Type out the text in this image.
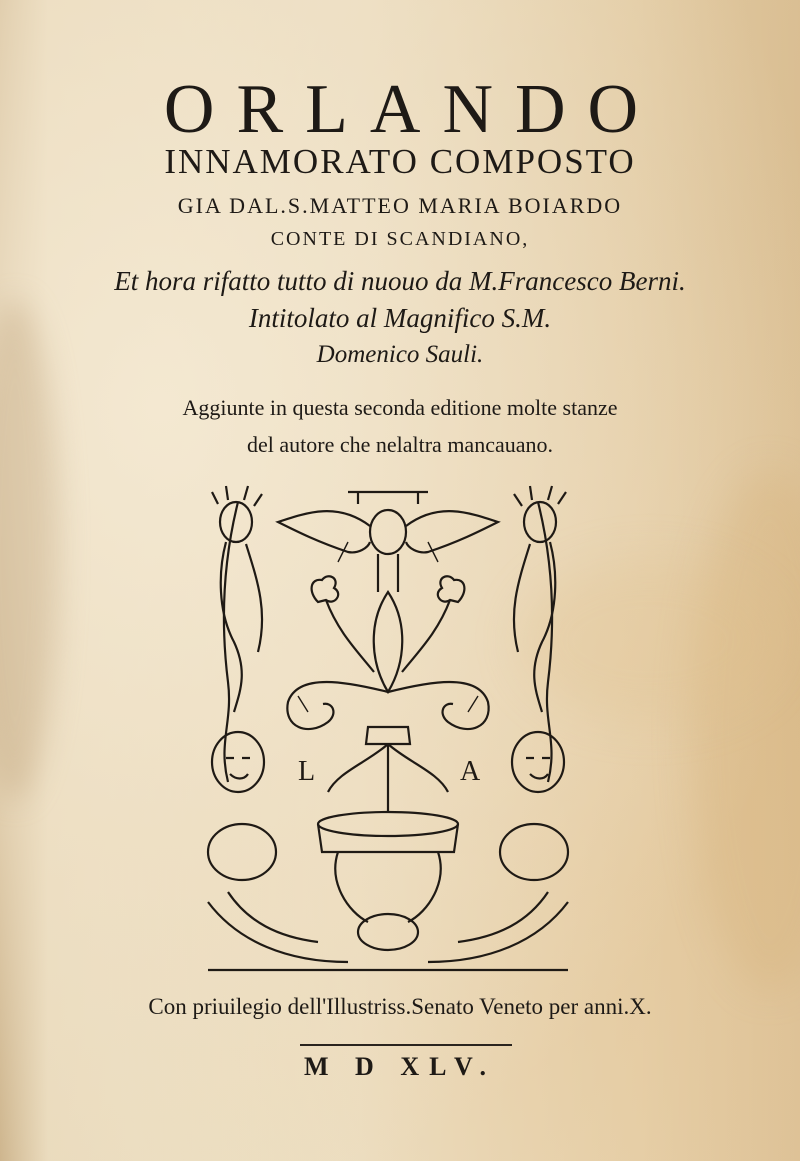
ORLANDO
INNAMORATO COMPOSTO
GIA DAL.S.MATTEO MARIA BOIARDO
CONTE DI SCANDIANO,
Et hora rifatto tutto di nuouo da M.Francesco Berni.
Intitolato al Magnifico S.M.
Domenico Sauli.
Aggiunte in questa seconda editione molte stanze
del autore che nelaltra mancauano.
L	A
Con priuilegio dell'Illustriss.Senato Veneto per anni.X.
M D XLV.
